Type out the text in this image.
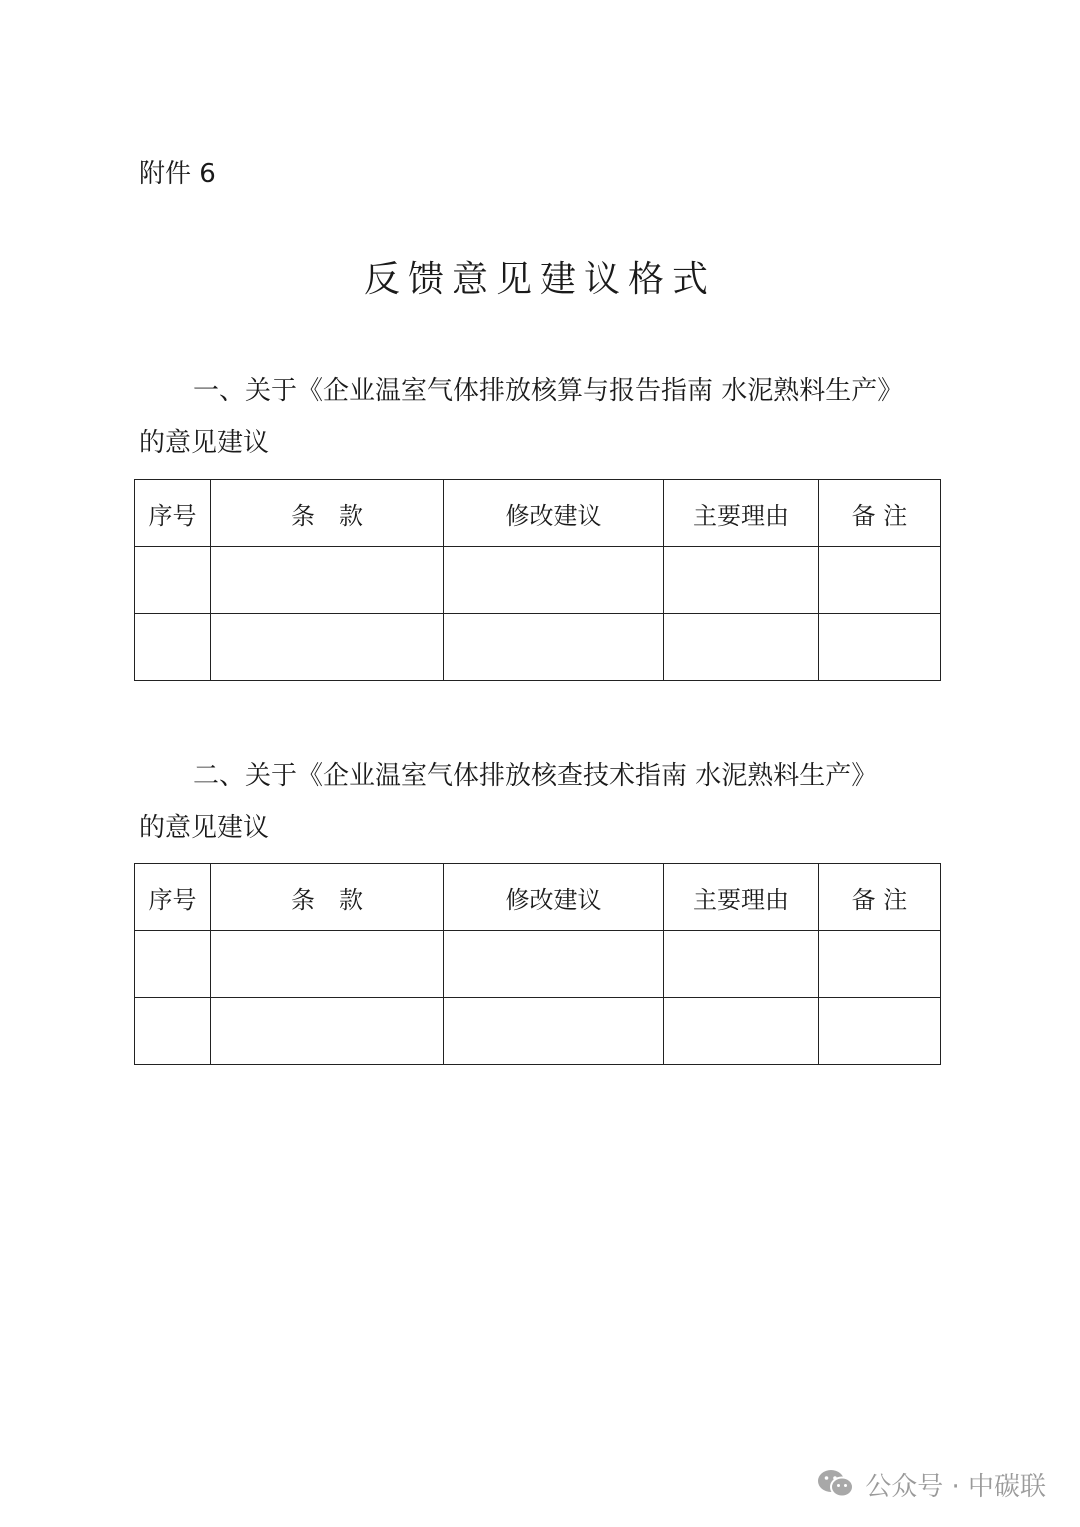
附件 6
反馈意见建议格式
一、关于《企业温室气体排放核算与报告指南 水泥熟料生产》
的意见建议
序号	条　款	修改建议	主要理由	备 注

二、关于《企业温室气体排放核查技术指南 水泥熟料生产》
的意见建议
序号	条　款	修改建议	主要理由	备 注

公众号 · 中碳联
